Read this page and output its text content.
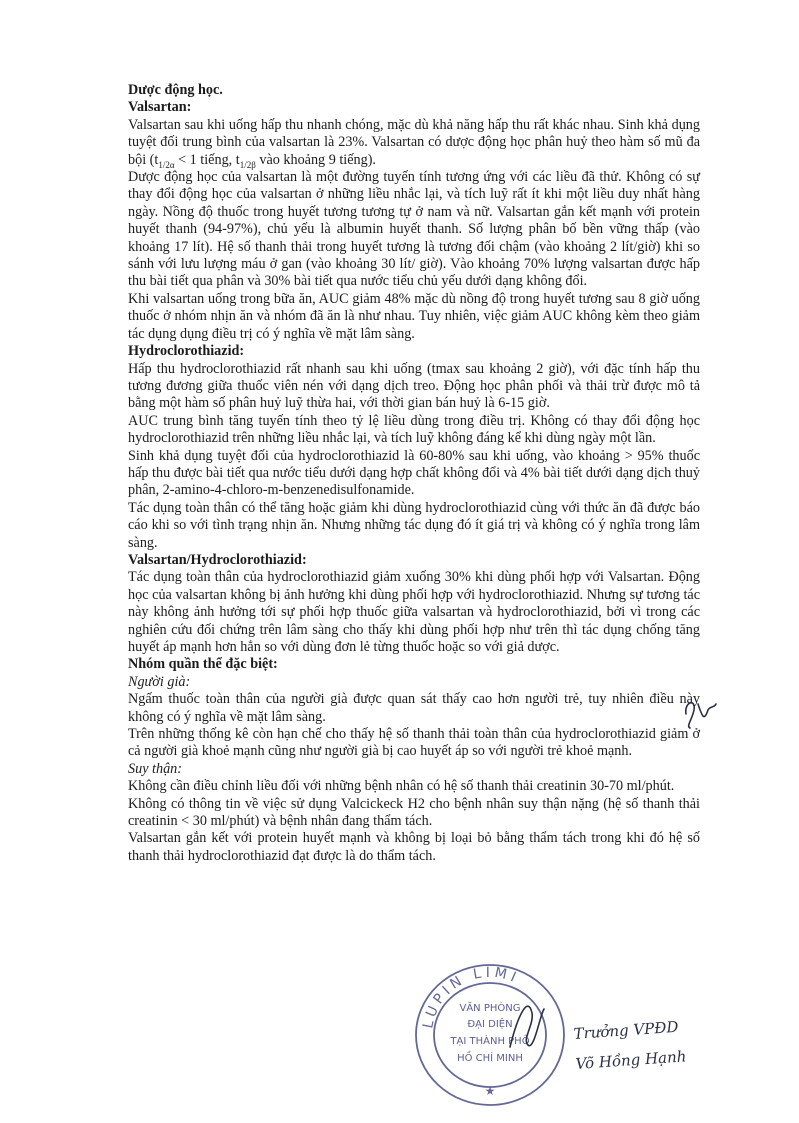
Dược động học.
Valsartan:

Valsartan sau khi uống hấp thu nhanh chóng, mặc dù khả năng hấp thu rất khác nhau. Sinh khả dụng tuyệt đối trung bình của valsartan là 23%. Valsartan có dược động học phân huỷ theo hàm số mũ đa bội ($t_{1/2\alpha} < 1$ tiếng, $t_{1/2\beta}$ vào khoảng 9 tiếng).

Dược động học của valsartan là một đường tuyến tính tương ứng với các liều đã thử. Không có sự thay đổi động học của valsartan ở những liều nhắc lại, và tích luỹ rất ít khi một liều duy nhất hàng ngày. Nồng độ thuốc trong huyết tương tương tự ở nam và nữ. Valsartan gắn kết mạnh với protein huyết thanh (94-97%), chủ yếu là albumin huyết thanh. Số lượng phân bố bền vững thấp (vào khoảng 17 lít). Hệ số thanh thải trong huyết tương là tương đối chậm (vào khoảng 2 lít/giờ) khi so sánh với lưu lượng máu ở gan (vào khoảng 30 lít/ giờ). Vào khoảng 70% lượng valsartan được hấp thu bài tiết qua phân và 30% bài tiết qua nước tiểu chủ yếu dưới dạng không đổi.

Khi valsartan uống trong bữa ăn, AUC giảm 48% mặc dù nồng độ trong huyết tương sau 8 giờ uống thuốc ở nhóm nhịn ăn và nhóm đã ăn là như nhau. Tuy nhiên, việc giảm AUC không kèm theo giảm tác dụng dụng điều trị có ý nghĩa về mặt lâm sàng.

Hydroclorothiazid:

Hấp thu hydroclorothiazid rất nhanh sau khi uống (tmax sau khoảng 2 giờ), với đặc tính hấp thu tương đương giữa thuốc viên nén với dạng dịch treo. Động học phân phối và thải trừ được mô tả bằng một hàm số phân huỷ luỹ thừa hai, với thời gian bán huỷ là 6-15 giờ.

AUC trung bình tăng tuyến tính theo tỷ lệ liều dùng trong điều trị. Không có thay đổi động học hydroclorothiazid trên những liều nhắc lại, và tích luỹ không đáng kể khi dùng ngày một lần.

Sinh khả dụng tuyệt đối của hydroclorothiazid là 60-80% sau khi uống, vào khoảng > 95% thuốc hấp thu được bài tiết qua nước tiểu dưới dạng hợp chất không đổi và 4% bài tiết dưới dạng dịch thuỷ phân, 2-amino-4-chloro-m-benzenedisulfonamide.

Tác dụng toàn thân có thể tăng hoặc giảm khi dùng hydroclorothiazid cùng với thức ăn đã được báo cáo khi so với tình trạng nhịn ăn. Nhưng những tác dụng đó ít giá trị và không có ý nghĩa trong lâm sàng.

Valsartan/Hydroclorothiazid:

Tác dụng toàn thân của hydroclorothiazid giảm xuống 30% khi dùng phối hợp với Valsartan. Động học của valsartan không bị ảnh hưởng khi dùng phối hợp với hydroclorothiazid. Nhưng sự tương tác này không ảnh hưởng tới sự phối hợp thuốc giữa valsartan và hydroclorothiazid, bởi vì trong các nghiên cứu đối chứng trên lâm sàng cho thấy khi dùng phối hợp như trên thì tác dụng chống tăng huyết áp mạnh hơn hẳn so với dùng đơn lẻ từng thuốc hoặc so với giả dược.

Nhóm quần thể đặc biệt:
Người già:

Ngấm thuốc toàn thân của người già được quan sát thấy cao hơn người trẻ, tuy nhiên điều này không có ý nghĩa về mặt lâm sàng.

Trên những thống kê còn hạn chế cho thấy hệ số thanh thải toàn thân của hydroclorothiazid giảm ở cả người già khoẻ mạnh cũng như người già bị cao huyết áp so với người trẻ khoẻ mạnh.

Suy thận:

Không cần điều chỉnh liều đối với những bệnh nhân có hệ số thanh thải creatinin 30-70 ml/phút.

Không có thông tin về việc sử dụng Valcickeck H2 cho bệnh nhân suy thận nặng (hệ số thanh thải creatinin < 30 ml/phút) và bệnh nhân đang thẩm tách.

Valsartan gắn kết với protein huyết mạnh và không bị loại bỏ bằng thẩm tách trong khi đó hệ số thanh thải hydroclorothiazid đạt được là do thẩm tách.

LUPIN LIMI
VĂN PHÒNG
ĐẠI DIỆN
TẠI THÀNH PHỐ
HỒ CHÍ MINH
★
Trưởng VPĐD
Võ Hồng Hạnh
